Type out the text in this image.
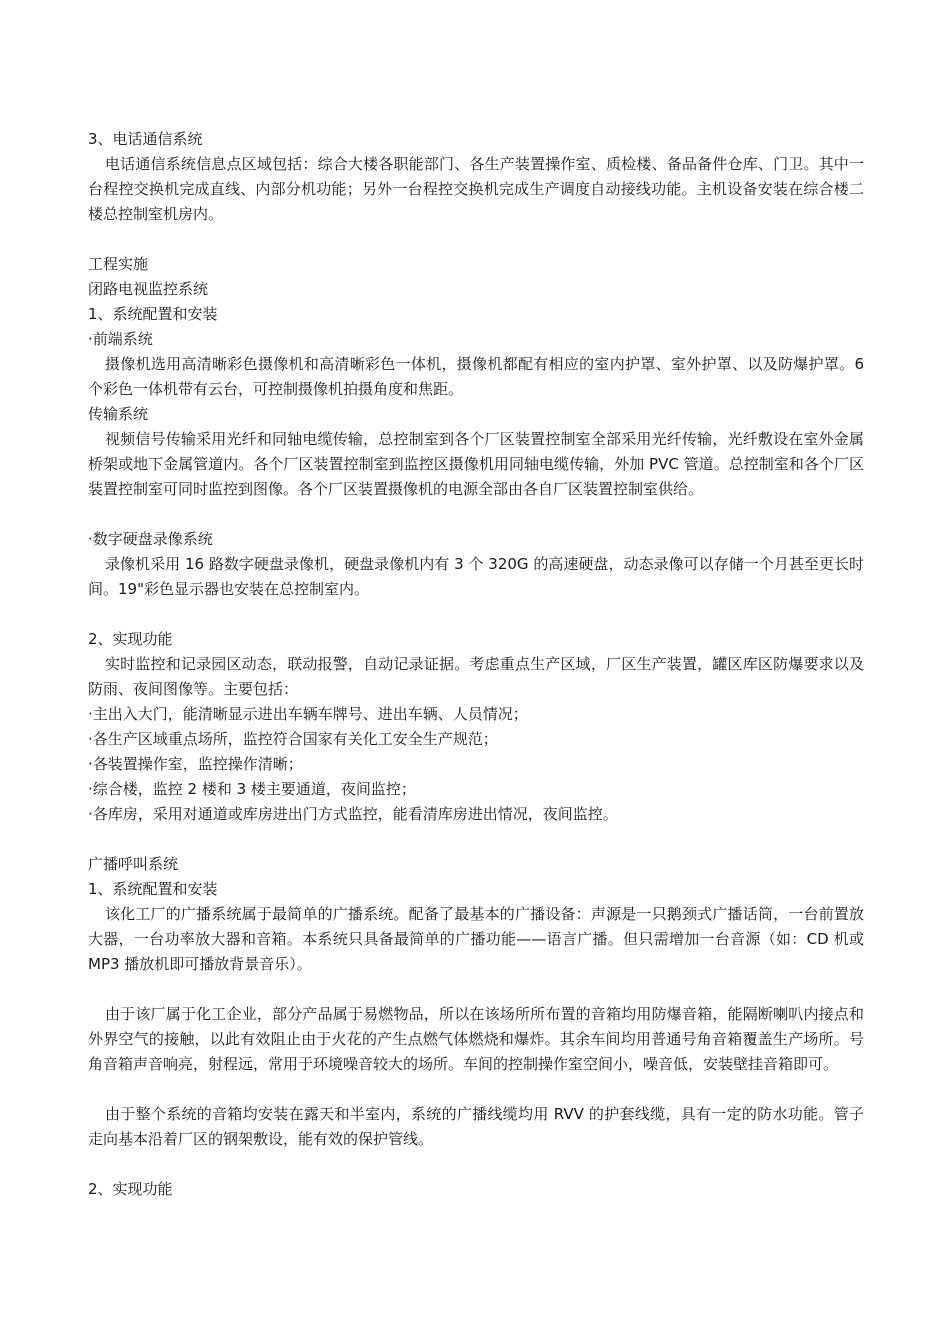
3、电话通信系统

电话通信系统信息点区域包括：综合大楼各职能部门、各生产装置操作室、质检楼、备品备件仓库、门卫。其中一台程控交换机完成直线、内部分机功能；另外一台程控交换机完成生产调度自动接线功能。主机设备安装在综合楼二楼总控制室机房内。

工程实施

闭路电视监控系统

1、系统配置和安装

·前端系统

摄像机选用高清晰彩色摄像机和高清晰彩色一体机，摄像机都配有相应的室内护罩、室外护罩、以及防爆护罩。6 个彩色一体机带有云台，可控制摄像机拍摄角度和焦距。

传输系统

视频信号传输采用光纤和同轴电缆传输，总控制室到各个厂区装置控制室全部采用光纤传输，光纤敷设在室外金属桥架或地下金属管道内。各个厂区装置控制室到监控区摄像机用同轴电缆传输，外加 PVC 管道。总控制室和各个厂区装置控制室可同时监控到图像。各个厂区装置摄像机的电源全部由各自厂区装置控制室供给。

·数字硬盘录像系统

录像机采用 16 路数字硬盘录像机，硬盘录像机内有 3 个 320G 的高速硬盘，动态录像可以存储一个月甚至更长时间。19"彩色显示器也安装在总控制室内。

2、实现功能

实时监控和记录园区动态，联动报警，自动记录证据。考虑重点生产区域，厂区生产装置，罐区库区防爆要求以及防雨、夜间图像等。主要包括：

·主出入大门，能清晰显示进出车辆车牌号、进出车辆、人员情况；

·各生产区域重点场所，监控符合国家有关化工安全生产规范；

·各装置操作室，监控操作清晰；

·综合楼，监控 2 楼和 3 楼主要通道，夜间监控；

·各库房，采用对通道或库房进出门方式监控，能看清库房进出情况，夜间监控。

广播呼叫系统

1、系统配置和安装

该化工厂的广播系统属于最简单的广播系统。配备了最基本的广播设备：声源是一只鹅颈式广播话筒，一台前置放大器，一台功率放大器和音箱。本系统只具备最简单的广播功能——语言广播。但只需增加一台音源（如：CD 机或 MP3 播放机即可播放背景音乐）。

由于该厂属于化工企业，部分产品属于易燃物品，所以在该场所所布置的音箱均用防爆音箱，能隔断喇叭内接点和外界空气的接触，以此有效阻止由于火花的产生点燃气体燃烧和爆炸。其余车间均用普通号角音箱覆盖生产场所。号角音箱声音响亮，射程远，常用于环境噪音较大的场所。车间的控制操作室空间小，噪音低，安装壁挂音箱即可。

由于整个系统的音箱均安装在露天和半室内，系统的广播线缆均用 RVV 的护套线缆，具有一定的防水功能。管子走向基本沿着厂区的钢架敷设，能有效的保护管线。

2、实现功能
